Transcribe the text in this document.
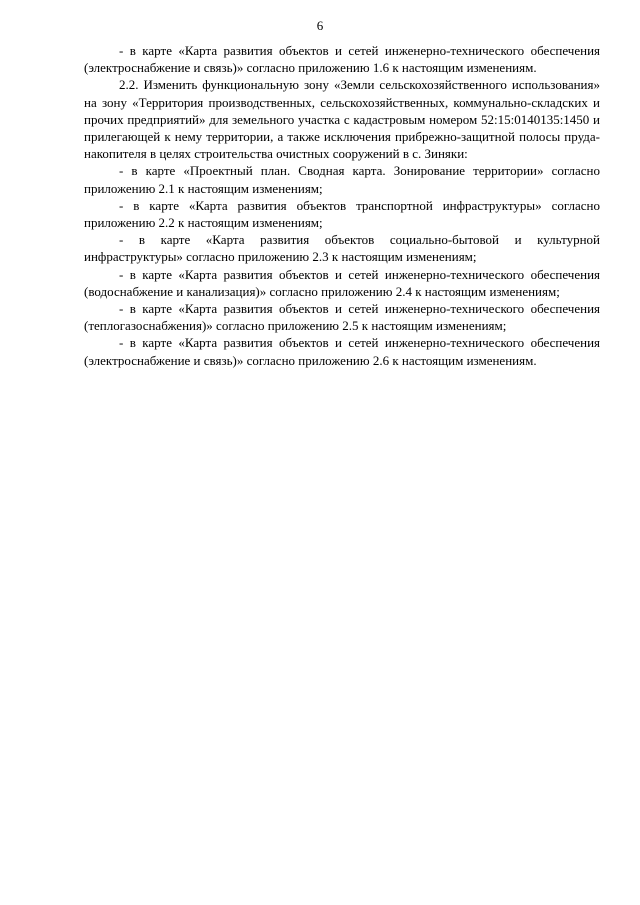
6

- в карте «Карта развития объектов и сетей инженерно-технического обеспечения (электроснабжение и связь)» согласно приложению 1.6 к настоящим изменениям.

2.2. Изменить функциональную зону «Земли сельскохозяйственного использования» на зону «Территория производственных, сельскохозяйственных, коммунально-складских и прочих предприятий» для земельного участка с кадастровым номером 52:15:0140135:1450 и прилегающей к нему территории, а также исключения прибрежно-защитной полосы пруда-накопителя в целях строительства очистных сооружений в с. Зиняки:

- в карте «Проектный план. Сводная карта. Зонирование территории» согласно приложению 2.1 к настоящим изменениям;

- в карте «Карта развития объектов транспортной инфраструктуры» согласно приложению 2.2 к настоящим изменениям;

- в карте «Карта развития объектов социально-бытовой и культурной инфраструктуры» согласно приложению 2.3 к настоящим изменениям;

- в карте «Карта развития объектов и сетей инженерно-технического обеспечения (водоснабжение и канализация)» согласно приложению 2.4 к настоящим изменениям;

- в карте «Карта развития объектов и сетей инженерно-технического обеспечения (теплогазоснабжения)» согласно приложению 2.5 к настоящим изменениям;

- в карте «Карта развития объектов и сетей инженерно-технического обеспечения (электроснабжение и связь)» согласно приложению 2.6 к настоящим изменениям.
